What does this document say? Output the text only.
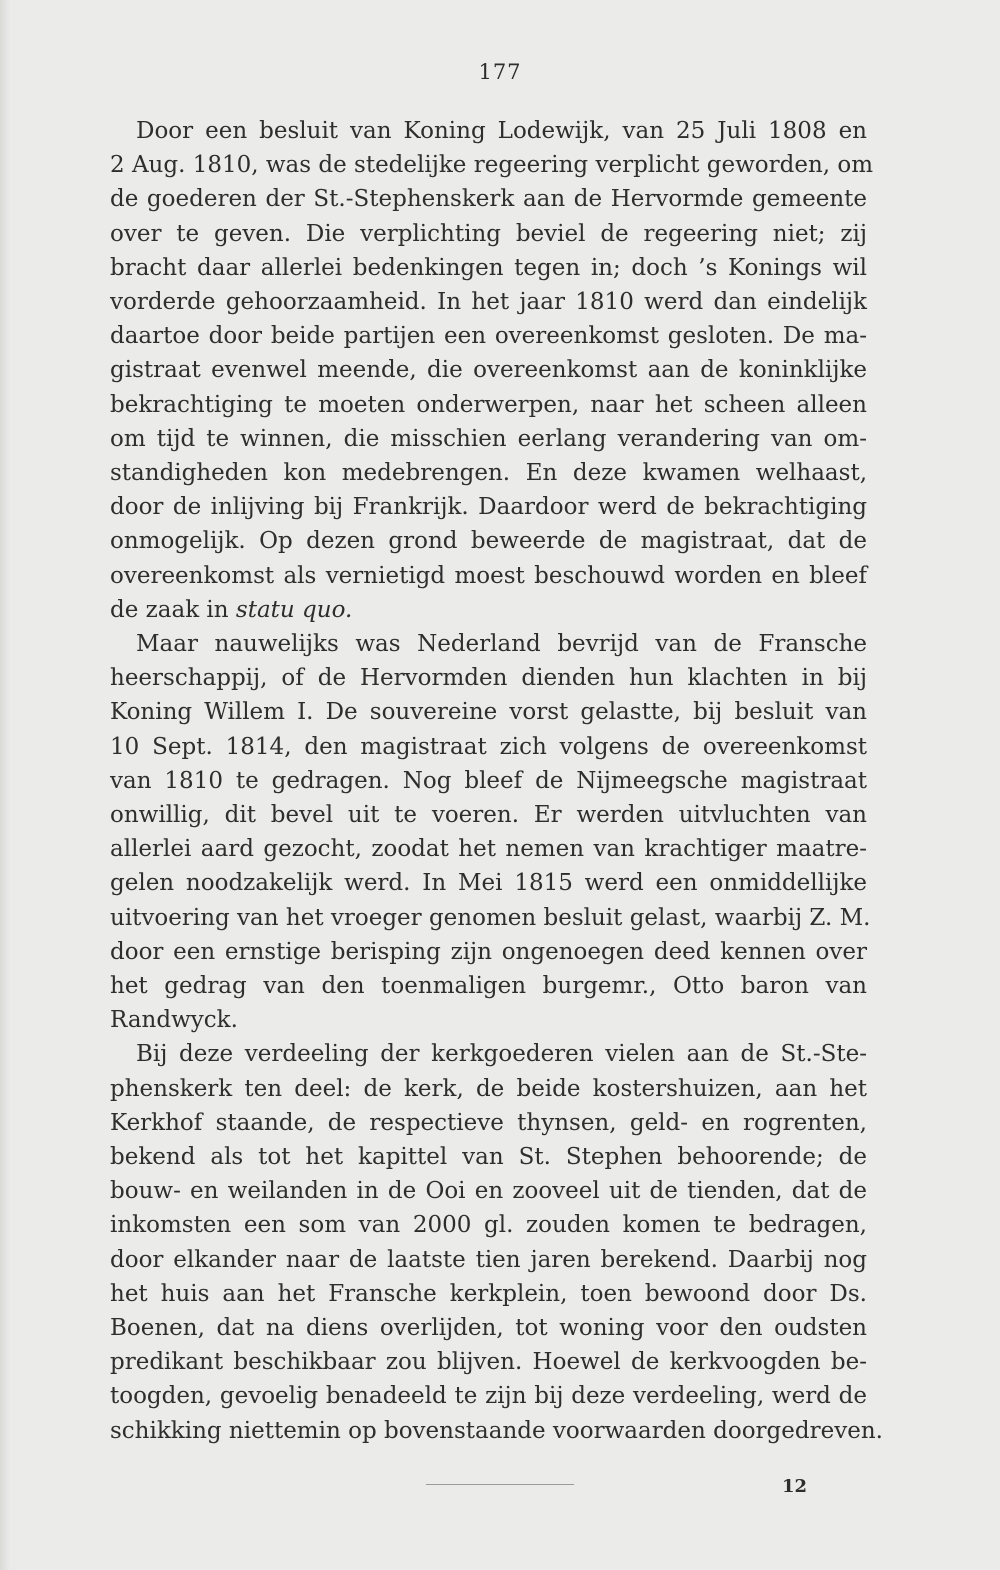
177
Door een besluit van Koning Lodewijk, van 25 Juli 1808 en
2 Aug. 1810, was de stedelijke regeering verplicht geworden, om
de goederen der St.-Stephenskerk aan de Hervormde gemeente
over te geven. Die verplichting beviel de regeering niet; zij
bracht daar allerlei bedenkingen tegen in; doch ’s Konings wil
vorderde gehoorzaamheid. In het jaar 1810 werd dan eindelijk
daartoe door beide partijen een overeenkomst gesloten. De ma-
gistraat evenwel meende, die overeenkomst aan de koninklijke
bekrachtiging te moeten onderwerpen, naar het scheen alleen
om tijd te winnen, die misschien eerlang verandering van om-
standigheden kon medebrengen. En deze kwamen welhaast,
door de inlijving bij Frankrijk. Daardoor werd de bekrachtiging
onmogelijk. Op dezen grond beweerde de magistraat, dat de
overeenkomst als vernietigd moest beschouwd worden en bleef
de zaak in statu quo.
Maar nauwelijks was Nederland bevrijd van de Fransche
heerschappij, of de Hervormden dienden hun klachten in bij
Koning Willem I. De souvereine vorst gelastte, bij besluit van
10 Sept. 1814, den magistraat zich volgens de overeenkomst
van 1810 te gedragen. Nog bleef de Nijmeegsche magistraat
onwillig, dit bevel uit te voeren. Er werden uitvluchten van
allerlei aard gezocht, zoodat het nemen van krachtiger maatre-
gelen noodzakelijk werd. In Mei 1815 werd een onmiddellijke
uitvoering van het vroeger genomen besluit gelast, waarbij Z. M.
door een ernstige berisping zijn ongenoegen deed kennen over
het gedrag van den toenmaligen burgemr., Otto baron van
Randwyck.
Bij deze verdeeling der kerkgoederen vielen aan de St.-Ste-
phenskerk ten deel: de kerk, de beide kostershuizen, aan het
Kerkhof staande, de respectieve thynsen, geld- en rogrenten,
bekend als tot het kapittel van St. Stephen behoorende; de
bouw- en weilanden in de Ooi en zooveel uit de tienden, dat de
inkomsten een som van 2000 gl. zouden komen te bedragen,
door elkander naar de laatste tien jaren berekend. Daarbij nog
het huis aan het Fransche kerkplein, toen bewoond door Ds.
Boenen, dat na diens overlijden, tot woning voor den oudsten
predikant beschikbaar zou blijven. Hoewel de kerkvoogden be-
toogden, gevoelig benadeeld te zijn bij deze verdeeling, werd de
schikking niettemin op bovenstaande voorwaarden doorgedreven.
12
